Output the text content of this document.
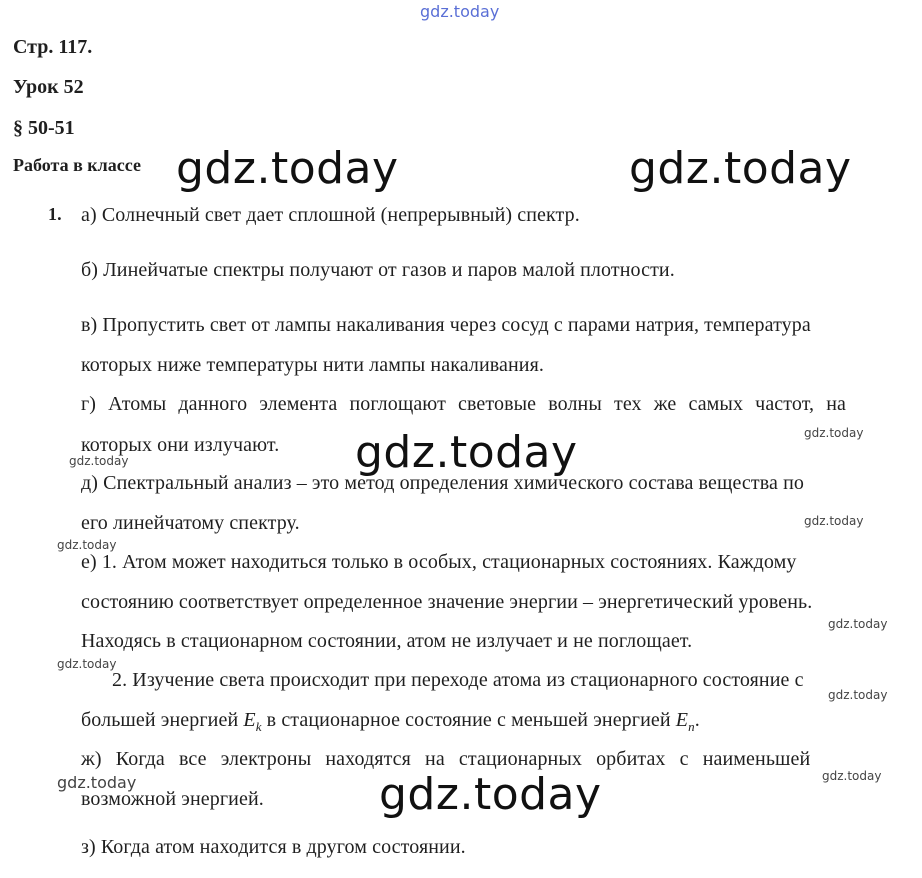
gdz.today
Стр. 117.
Урок 52
§ 50-51
Работа в классе gdz.today	gdz.today
1. а) Солнечный свет дает сплошной (непрерывный) спектр.
б) Линейчатые спектры получают от газов и паров малой плотности.
в) Пропустить свет от лампы накаливания через сосуд с парами натрия, температура
которых ниже температуры нити лампы накаливания.
г) Атомы данного элемента поглощают световые волны тех же самых частот, на
которых они излучают. gdz.today	gdz.today
gdz.today
д) Спектральный анализ – это метод определения химического состава вещества по
его линейчатому спектру.	gdz.today
gdz.today
е) 1. Атом может находиться только в особых, стационарных состояниях. Каждому
состоянию соответствует определенное значение энергии – энергетический уровень.
gdz.today
Находясь в стационарном состоянии, атом не излучает и не поглощает.
gdz.today
2. Изучение света происходит при переходе атома из стационарного состояние с
gdz.today
большей энергией $E_k$ в стационарное состояние с меньшей энергией $E_n$.
ж) Когда все электроны находятся на стационарных орбитах с наименьшей
gdz.today
gdz.today
возможной энергией.	gdz.today
з) Когда атом находится в другом состоянии.
